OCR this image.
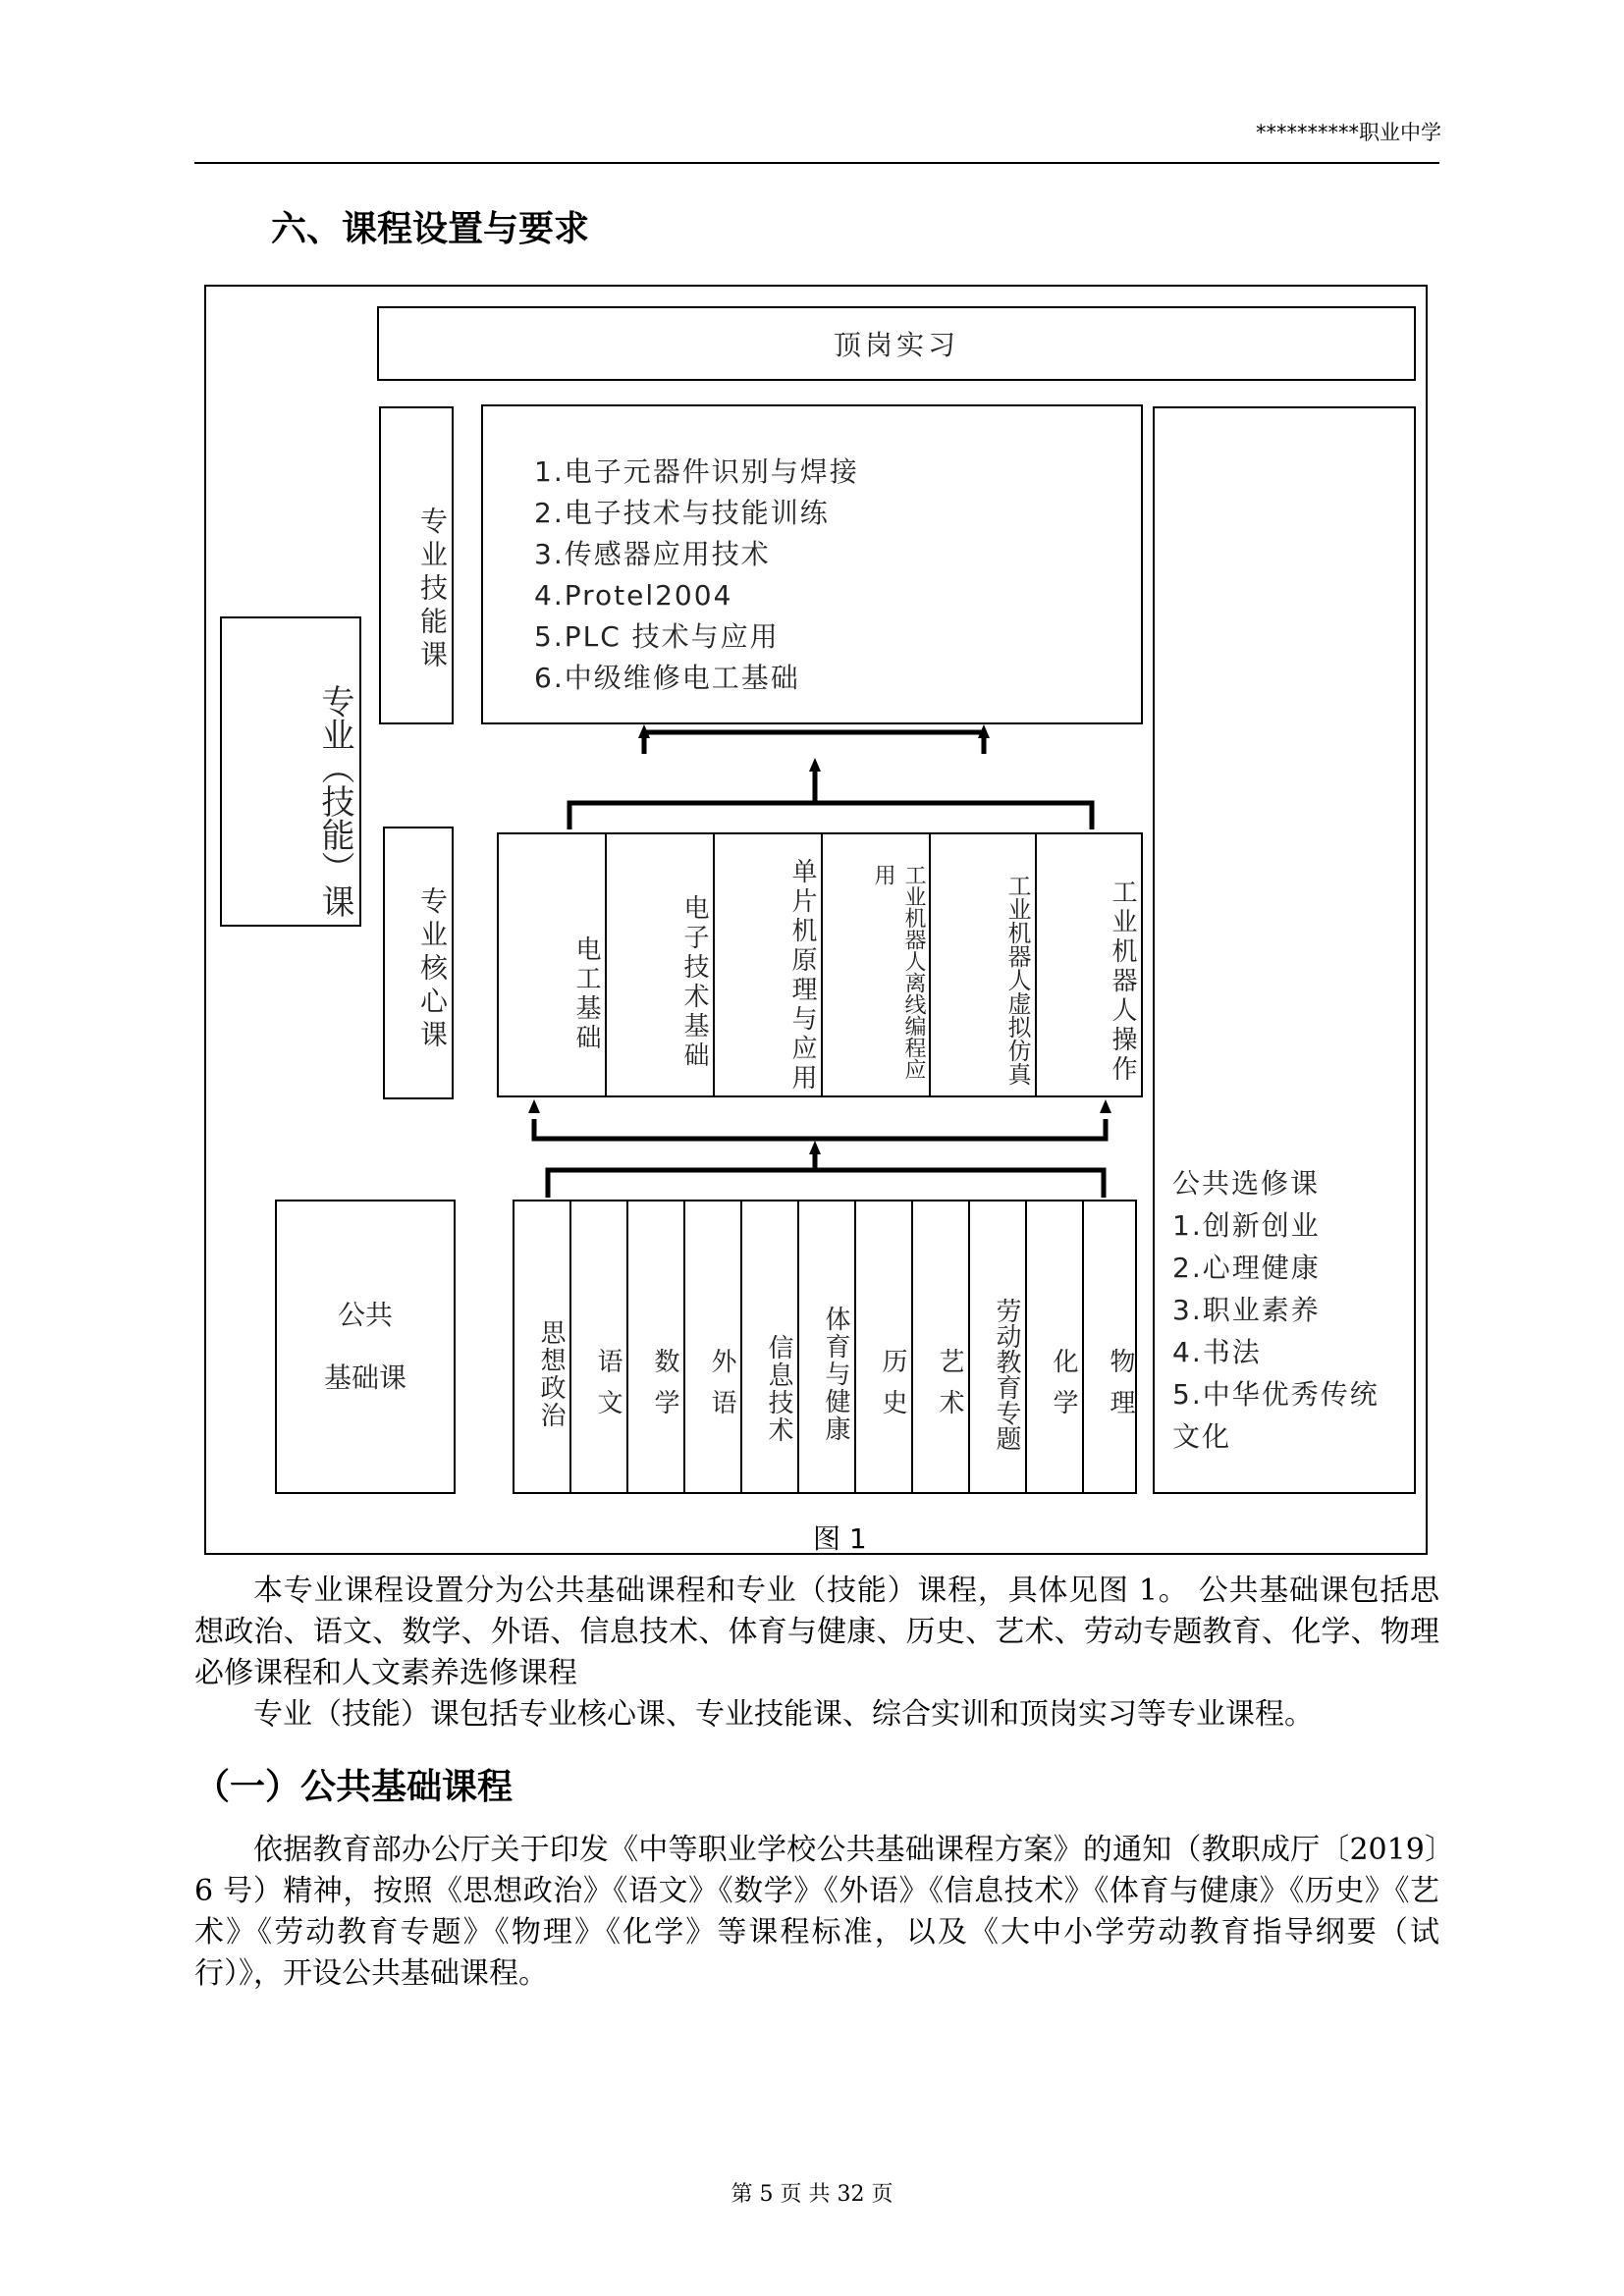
**********职业中学
六、课程设置与要求
顶岗实习
专业（技能）课
专业技能课
1.电子元器件识别与焊接
2.电子技术与技能训练
3.传感器应用技术
4.Protel2004
5.PLC 技术与应用
6.中级维修电工基础
专业核心课	电工基础	电子技术基础	单片机原理与应用	工业机器人离线编程应用	工业机器人虚拟仿真	工业机器人操作
公共
基础课	思想政治 语文 数学 外语 信息技术 体育与健康 历史 艺术 劳动教育专题 化学 物理
公共选修课
1.创新创业
2.心理健康
3.职业素养
4.书法
5.中华优秀传统文化
图 1

本专业课程设置分为公共基础课程和专业（技能）课程，具体见图 1。 公共基础课包括思想政治、语文、数学、外语、信息技术、体育与健康、历史、艺术、劳动专题教育、化学、物理必修课程和人文素养选修课程

专业（技能）课包括专业核心课、专业技能课、综合实训和顶岗实习等专业课程。

（一）公共基础课程

依据教育部办公厅关于印发《中等职业学校公共基础课程方案》的通知（教职成厅〔2019〕6 号）精神，按照《思想政治》《语文》《数学》《外语》《信息技术》《体育与健康》《历史》《艺术》《劳动教育专题》《物理》《化学》等课程标准，以及《大中小学劳动教育指导纲要（试行）》，开设公共基础课程。

第 5 页 共 32 页
